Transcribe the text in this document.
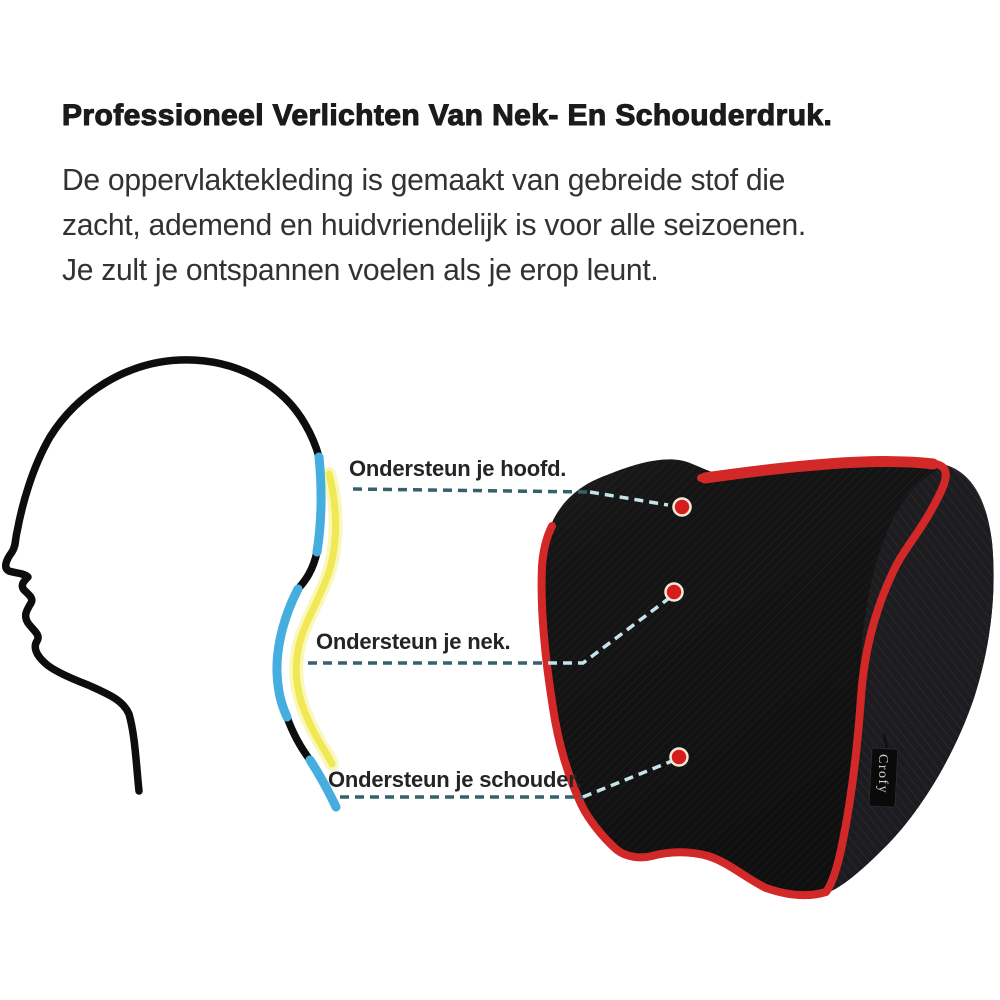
Professioneel Verlichten Van Nek- En Schouderdruk.
De oppervlaktekleding is gemaakt van gebreide stof die
zacht, ademend en huidvriendelijk is voor alle seizoenen.
Je zult je ontspannen voelen als je erop leunt.
Crofy
Ondersteun je hoofd.
Ondersteun je nek.
Ondersteun je schouder.
